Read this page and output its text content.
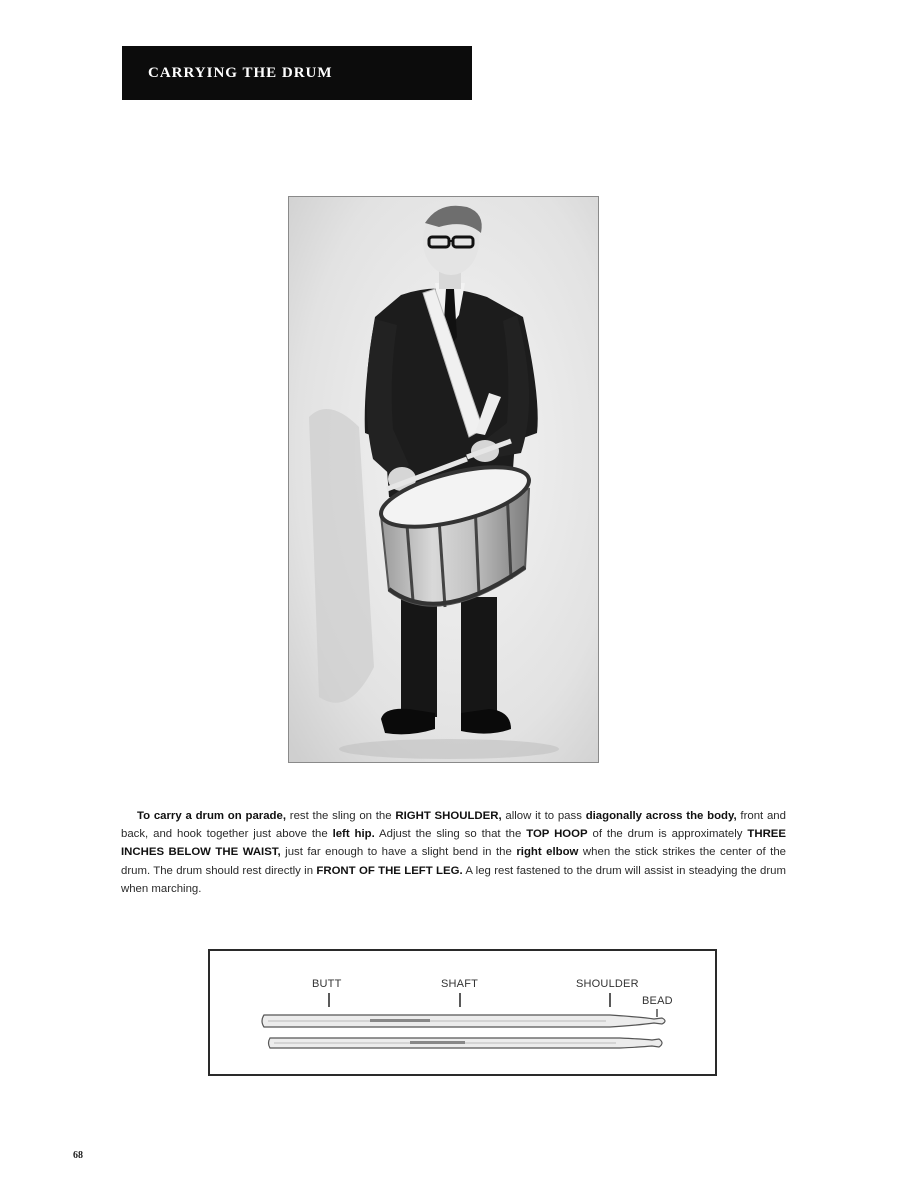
CARRYING THE DRUM

To carry a drum on parade, rest the sling on the RIGHT SHOULDER, allow it to pass diagonally across the body, front and back, and hook together just above the left hip. Adjust the sling so that the TOP HOOP of the drum is approximately THREE INCHES BELOW THE WAIST, just far enough to have a slight bend in the right elbow when the stick strikes the center of the drum. The drum should rest directly in FRONT OF THE LEFT LEG. A leg rest fastened to the drum will assist in steadying the drum when marching.

BUTT	SHAFT	SHOULDER
BEAD
68
